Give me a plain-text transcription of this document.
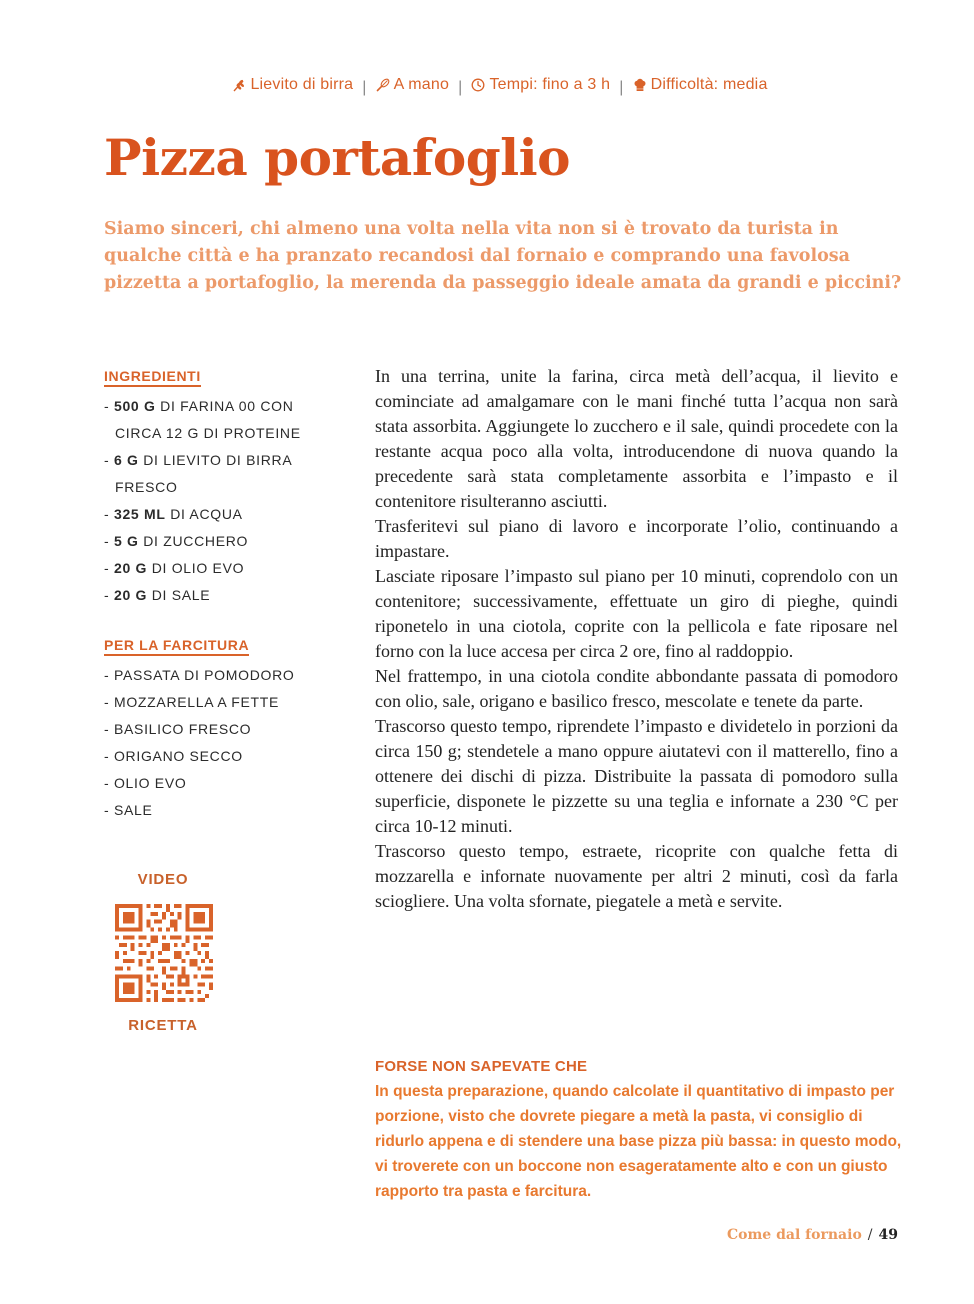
Lievito di birra | A mano | Tempi: fino a 3 h | Difficoltà: media
Pizza portafoglio

Siamo sinceri, chi almeno una volta nella vita non si è trovato da turista in qualche città e ha pranzato recandosi dal fornaio e comprando una favolosa pizzetta a portafoglio, la merenda da passeggio ideale amata da grandi e piccini?

INGREDIENTI
- 500 G DI FARINA 00 CON CIRCA 12 G DI PROTEINE
- 6 G DI LIEVITO DI BIRRA FRESCO
- 325 ML DI ACQUA
- 5 G DI ZUCCHERO
- 20 G DI OLIO EVO
- 20 G DI SALE
PER LA FARCITURA
- PASSATA DI POMODORO
- MOZZARELLA A FETTE
- BASILICO FRESCO
- ORIGANO SECCO
- OLIO EVO
- SALE
VIDEO
RICETTA

In una terrina, unite la farina, circa metà dell’acqua, il lievito e cominciate ad amalgamare con le mani finché tutta l’acqua non sarà stata assorbita. Aggiungete lo zucchero e il sale, quindi procedete con la restante acqua poco alla volta, introducendone di nuova quando la precedente sarà stata completamente assorbita e l’impasto e il contenitore risulteranno asciutti.

Trasferitevi sul piano di lavoro e incorporate l’olio, continuando a impastare.

Lasciate riposare l’impasto sul piano per 10 minuti, coprendolo con un contenitore; successivamente, effettuate un giro di pieghe, quindi riponetelo in una ciotola, coprite con la pellicola e fate riposare nel forno con la luce accesa per circa 2 ore, fino al raddoppio.

Nel frattempo, in una ciotola condite abbondante passata di pomodoro con olio, sale, origano e basilico fresco, mescolate e tenete da parte.

Trascorso questo tempo, riprendete l’impasto e dividetelo in porzioni da circa 150 g; stendetele a mano oppure aiutatevi con il matterello, fino a ottenere dei dischi di pizza. Distribuite la passata di pomodoro sulla superficie, disponete le pizzette su una teglia e infornate a 230 °C per circa 10-12 minuti.

Trascorso questo tempo, estraete, ricoprite con qualche fetta di mozzarella e infornate nuovamente per altri 2 minuti, così da farla sciogliere. Una volta sfornate, piegatele a metà e servite.

FORSE NON SAPEVATE CHE

In questa preparazione, quando calcolate il quantitativo di impasto per porzione, visto che dovrete piegare a metà la pasta, vi consiglio di ridurlo appena e di stendere una base pizza più bassa: in questo modo, vi troverete con un boccone non esageratamente alto e con un giusto rapporto tra pasta e farcitura.

Come dal fornaio / 49
